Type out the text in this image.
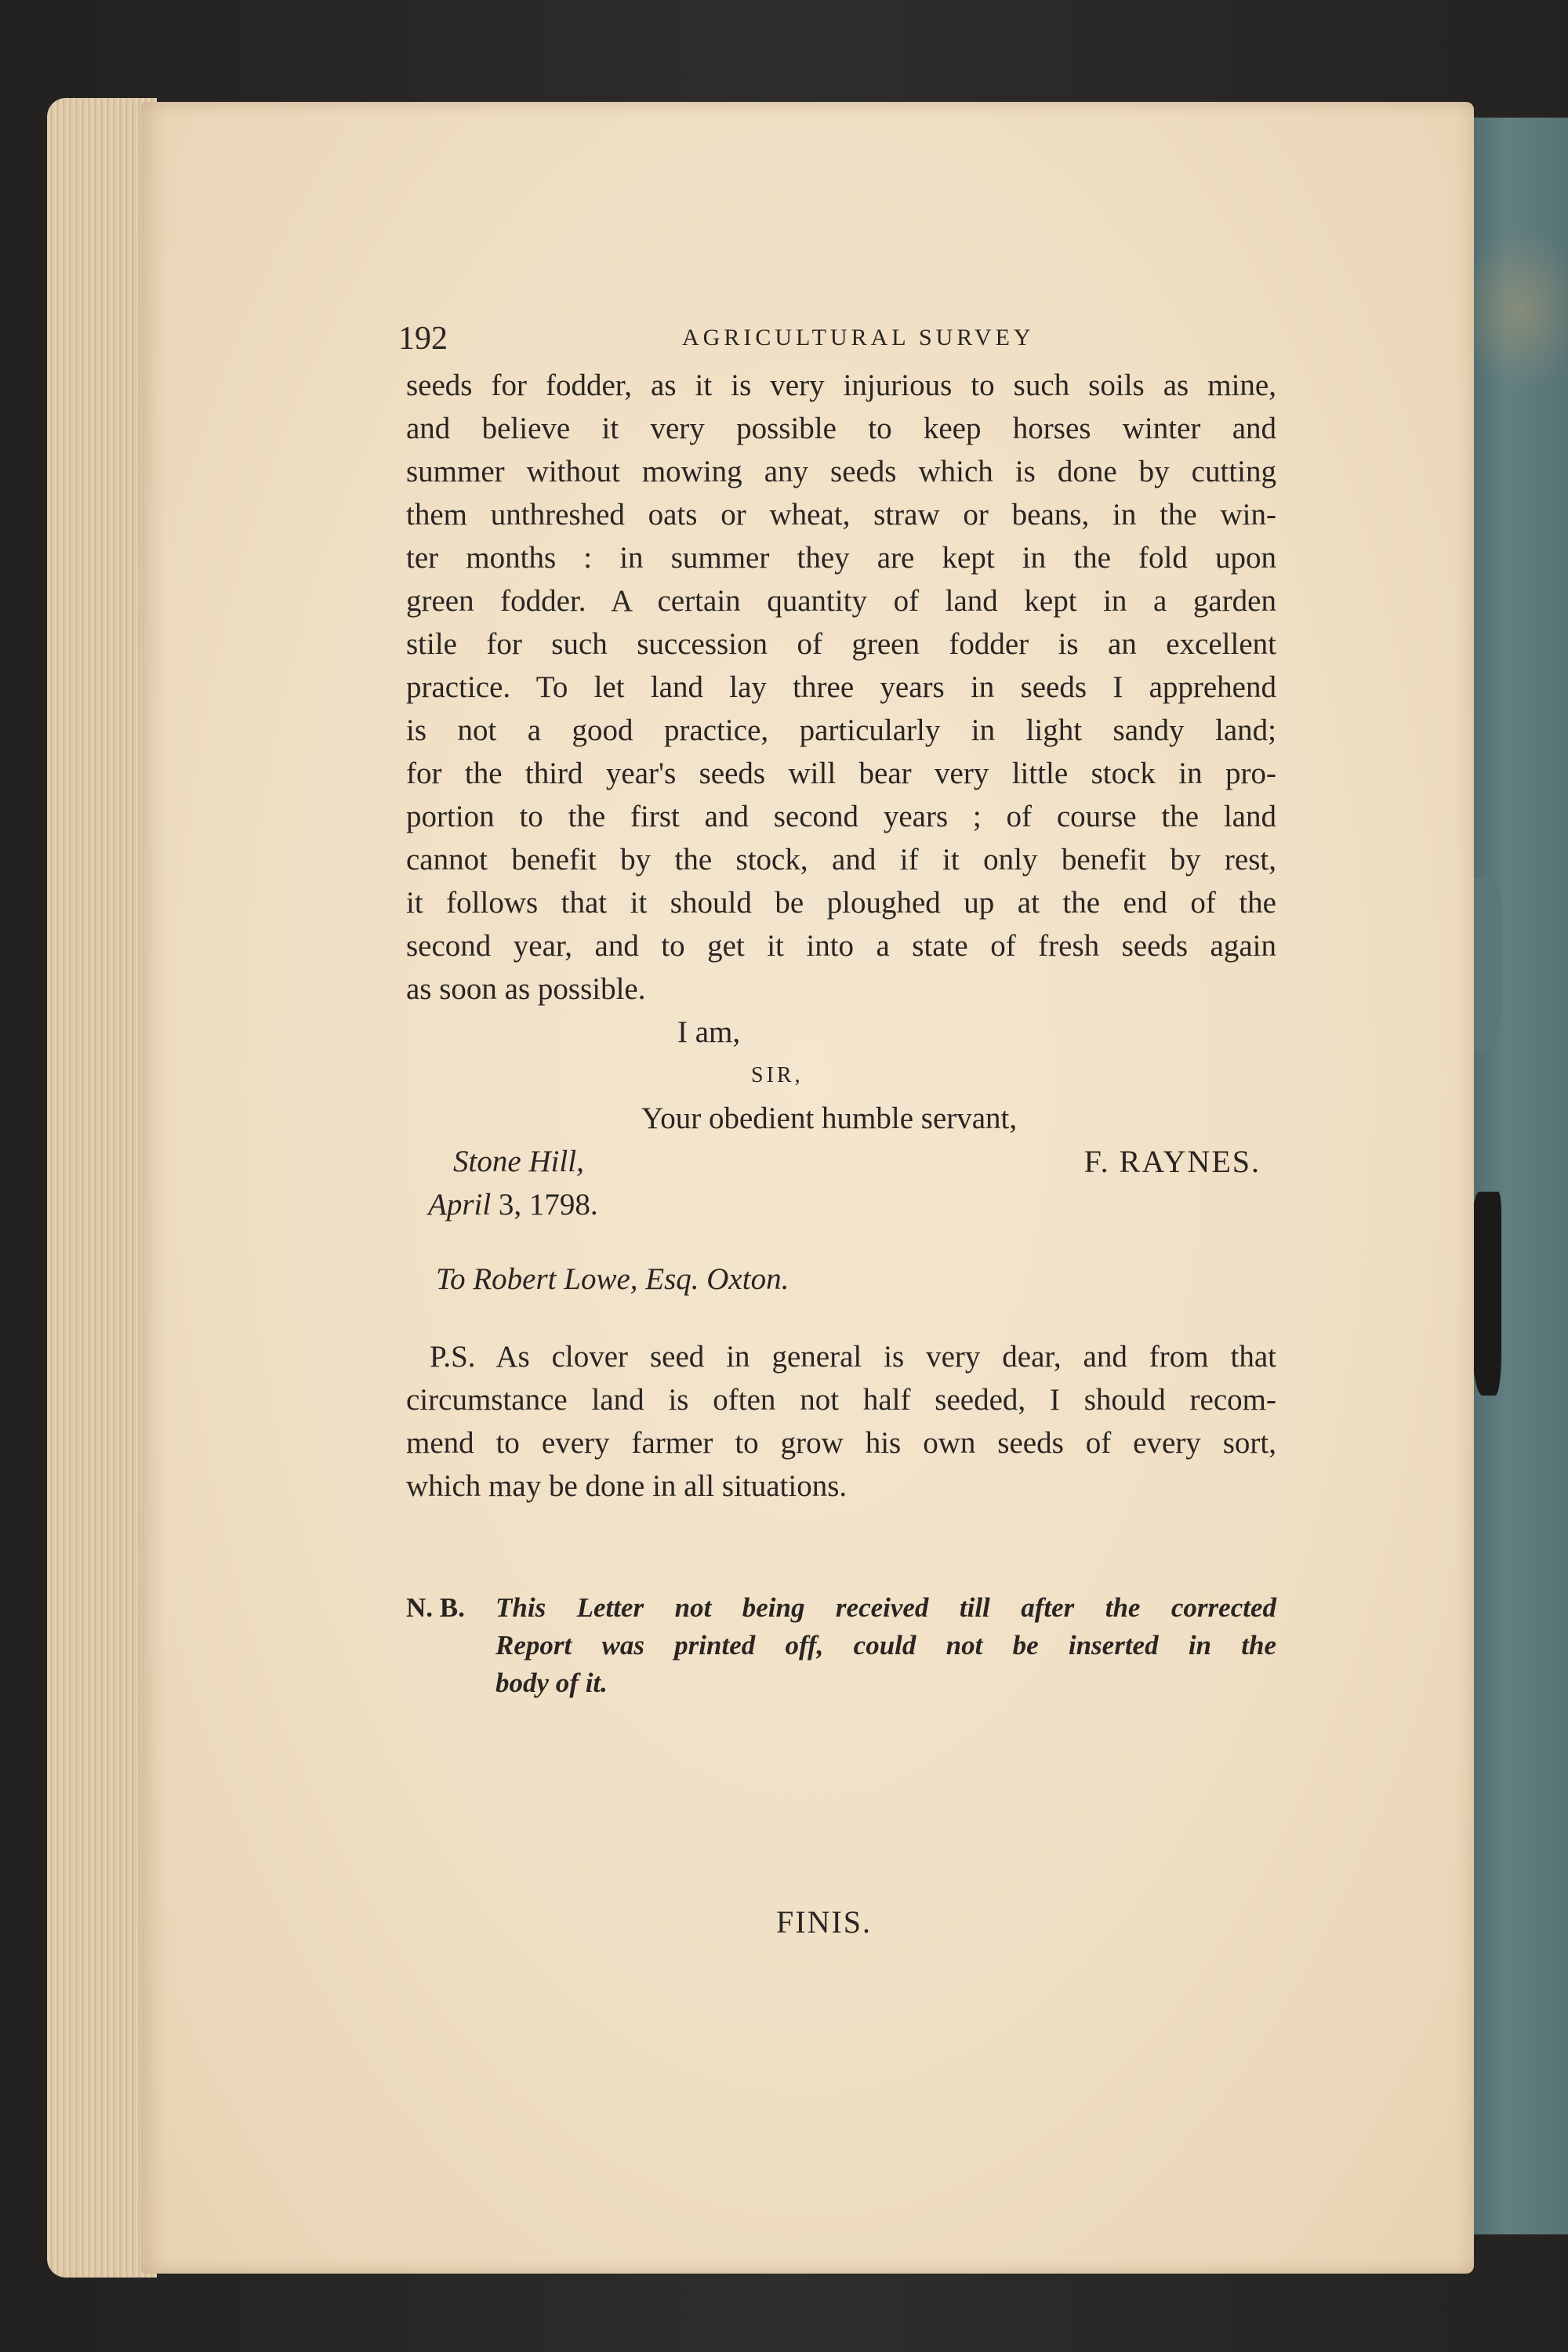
192	AGRICULTURAL SURVEY
seeds for fodder, as it is very injurious to such soils as mine,
and believe it very possible to keep horses winter and
summer without mowing any seeds which is done by cutting
them unthreshed oats or wheat, straw or beans, in the win-
ter months : in summer they are kept in the fold upon
green fodder. A certain quantity of land kept in a garden
stile for such succession of green fodder is an excellent
practice. To let land lay three years in seeds I apprehend
is not a good practice, particularly in light sandy land;
for the third year's seeds will bear very little stock in pro-
portion to the first and second years ; of course the land
cannot benefit by the stock, and if it only benefit by rest,
it follows that it should be ploughed up at the end of the
second year, and to get it into a state of fresh seeds again
as soon as possible.
I am,
SIR,
Your obedient humble servant,
Stone Hill,	F. RAYNES.
April 3, 1798.
To Robert Lowe, Esq. Oxton.
P.S. As clover seed in general is very dear, and from that
circumstance land is often not half seeded, I should recom-
mend to every farmer to grow his own seeds of every sort,
which may be done in all situations.
N. B. This Letter not being received till after the corrected
Report was printed off, could not be inserted in the
body of it.
FINIS.
